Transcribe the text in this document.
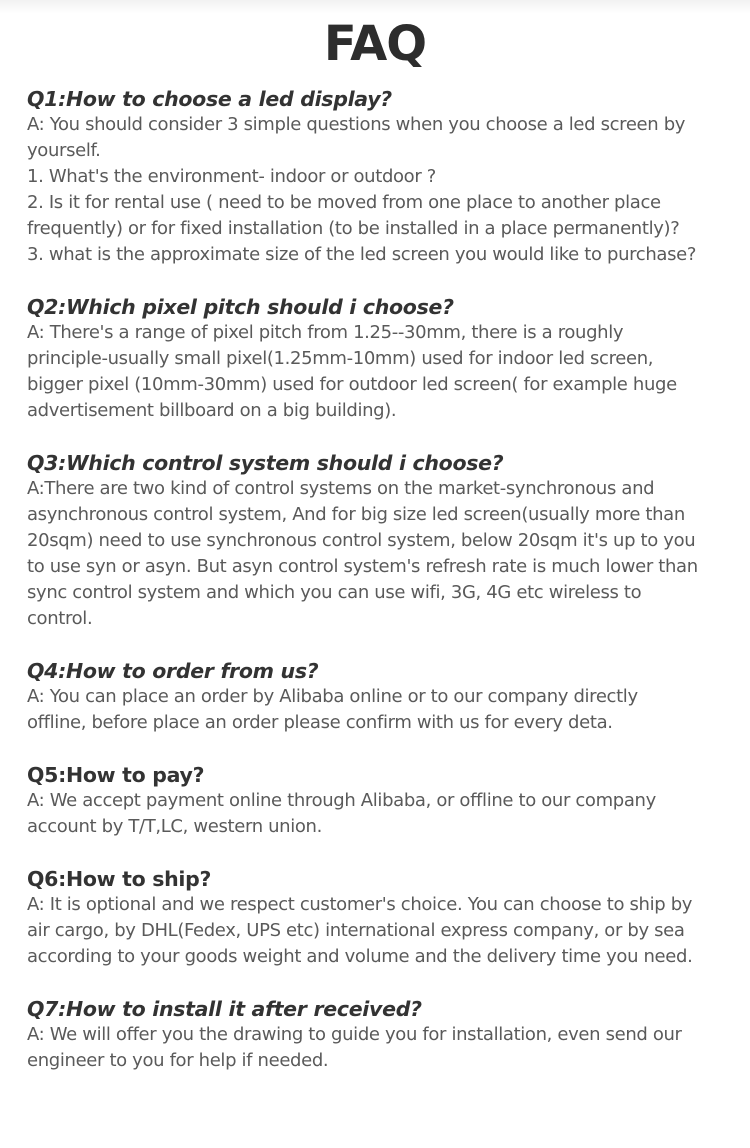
FAQ
Q1:How to choose a led display?
A: You should consider 3 simple questions when you choose a led screen by
yourself.
1. What's the environment- indoor or outdoor ?
2. Is it for rental use ( need to be moved from one place to another place
frequently) or for fixed installation (to be installed in a place permanently)?
3. what is the approximate size of the led screen you would like to purchase?
Q2:Which pixel pitch should i choose?
A: There's a range of pixel pitch from 1.25--30mm, there is a roughly
principle-usually small pixel(1.25mm-10mm) used for indoor led screen,
bigger pixel (10mm-30mm) used for outdoor led screen( for example huge
advertisement billboard on a big building).
Q3:Which control system should i choose?
A:There are two kind of control systems on the market-synchronous and
asynchronous control system, And for big size led screen(usually more than
20sqm) need to use synchronous control system, below 20sqm it's up to you
to use syn or asyn. But asyn control system's refresh rate is much lower than
sync control system and which you can use wifi, 3G, 4G etc wireless to
control.
Q4:How to order from us?
A: You can place an order by Alibaba online or to our company directly
offline, before place an order please confirm with us for every deta.
Q5:How to pay?
A: We accept payment online through Alibaba, or offline to our company
account by T/T,LC, western union.
Q6:How to ship?
A: It is optional and we respect customer's choice. You can choose to ship by
air cargo, by DHL(Fedex, UPS etc) international express company, or by sea
according to your goods weight and volume and the delivery time you need.
Q7:How to install it after received?
A: We will offer you the drawing to guide you for installation, even send our
engineer to you for help if needed.
